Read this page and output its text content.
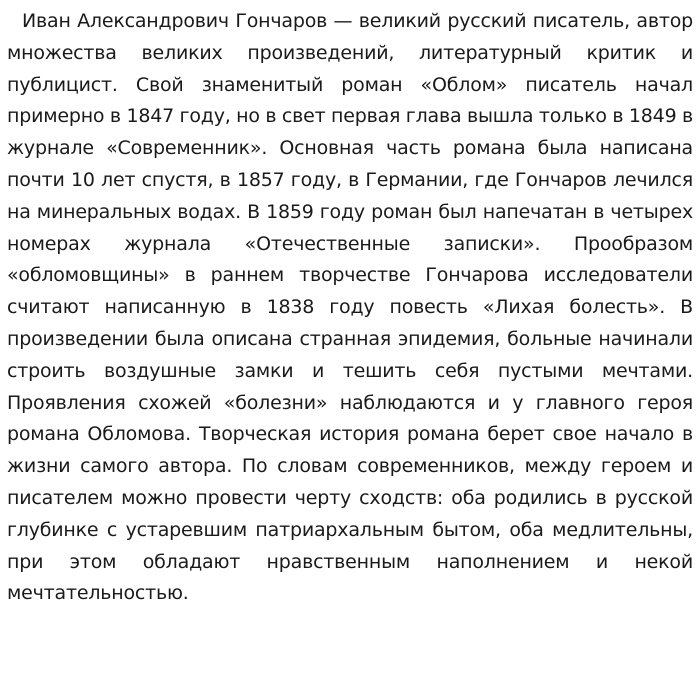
Иван Александрович Гончаров — великий русский писатель, автор множества великих произведений, литературный критик и публицист. Свой знаменитый роман «Облом» писатель начал примерно в 1847 году, но в свет первая глава вышла только в 1849 в журнале «Современник». Основная часть романа была написана почти 10 лет спустя, в 1857 году, в Германии, где Гончаров лечился на минеральных водах. В 1859 году роман был напечатан в четырех номерах журнала «Отечественные записки». Прообразом «обломовщины» в раннем творчестве Гончарова исследователи считают написанную в 1838 году повесть «Лихая болесть». В произведении была описана странная эпидемия, больные начинали строить воздушные замки и тешить себя пустыми мечтами. Проявления схожей «болезни» наблюдаются и у главного героя романа Обломова. Творческая история романа берет свое начало в жизни самого автора. По словам современников, между героем и писателем можно провести черту сходств: оба родились в русской глубинке с устаревшим патриархальным бытом, оба медлительны, при этом обладают нравственным наполнением и некой мечтательностью.
